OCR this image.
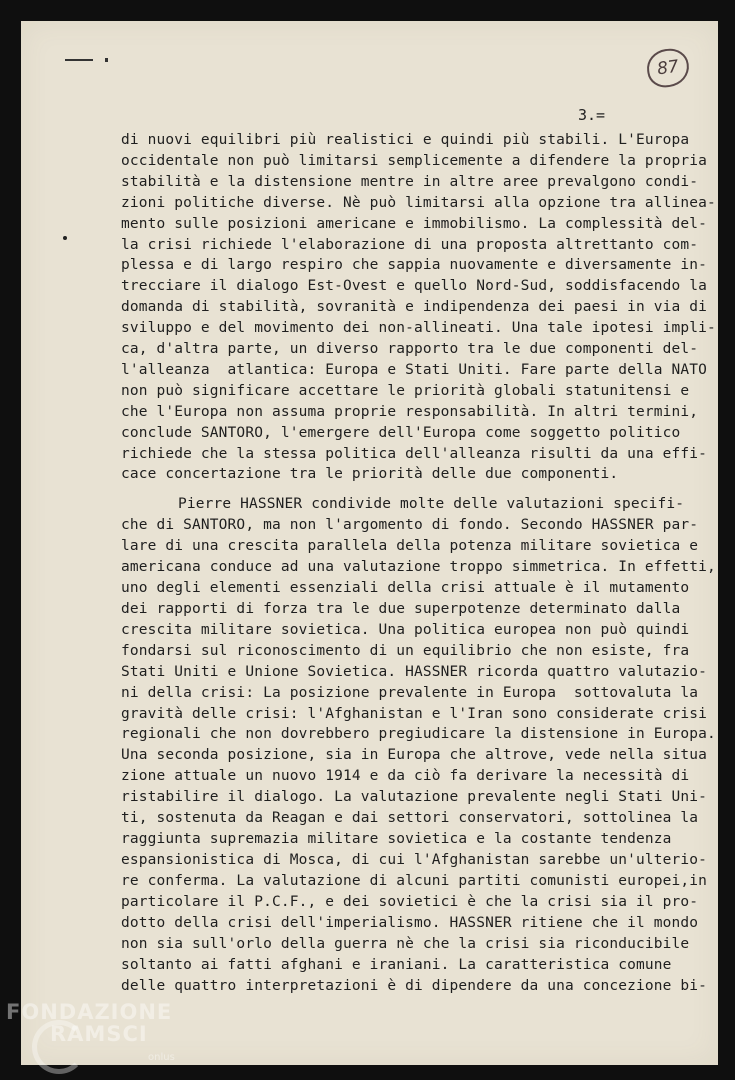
87
3.=
di nuovi equilibri più realistici e quindi più stabili. L'Europa
occidentale non può limitarsi semplicemente a difendere la propria
stabilità e la distensione mentre in altre aree prevalgono condi-
zioni politiche diverse. Nè può limitarsi alla opzione tra allinea-
mento sulle posizioni americane e immobilismo. La complessità del-
la crisi richiede l'elaborazione di una proposta altrettanto com-
plessa e di largo respiro che sappia nuovamente e diversamente in-
trecciare il dialogo Est-Ovest e quello Nord-Sud, soddisfacendo la
domanda di stabilità, sovranità e indipendenza dei paesi in via di
sviluppo e del movimento dei non-allineati. Una tale ipotesi impli-
ca, d'altra parte, un diverso rapporto tra le due componenti del-
l'alleanza  atlantica: Europa e Stati Uniti. Fare parte della NATO
non può significare accettare le priorità globali statunitensi e
che l'Europa non assuma proprie responsabilità. In altri termini,
conclude SANTORO, l'emergere dell'Europa come soggetto politico
richiede che la stessa politica dell'alleanza risulti da una effi-
cace concertazione tra le priorità delle due componenti.
Pierre HASSNER condivide molte delle valutazioni specifi-
che di SANTORO, ma non l'argomento di fondo. Secondo HASSNER par-
lare di una crescita parallela della potenza militare sovietica e
americana conduce ad una valutazione troppo simmetrica. In effetti,
uno degli elementi essenziali della crisi attuale è il mutamento
dei rapporti di forza tra le due superpotenze determinato dalla
crescita militare sovietica. Una politica europea non può quindi
fondarsi sul riconoscimento di un equilibrio che non esiste, fra
Stati Uniti e Unione Sovietica. HASSNER ricorda quattro valutazio-
ni della crisi: La posizione prevalente in Europa  sottovaluta la
gravità delle crisi: l'Afghanistan e l'Iran sono considerate crisi
regionali che non dovrebbero pregiudicare la distensione in Europa.
Una seconda posizione, sia in Europa che altrove, vede nella situa
zione attuale un nuovo 1914 e da ciò fa derivare la necessità di
ristabilire il dialogo. La valutazione prevalente negli Stati Uni-
ti, sostenuta da Reagan e dai settori conservatori, sottolinea la
raggiunta supremazia militare sovietica e la costante tendenza
espansionistica di Mosca, di cui l'Afghanistan sarebbe un'ulterio-
re conferma. La valutazione di alcuni partiti comunisti europei,in
particolare il P.C.F., e dei sovietici è che la crisi sia il pro-
dotto della crisi dell'imperialismo. HASSNER ritiene che il mondo
non sia sull'orlo della guerra nè che la crisi sia riconducibile
soltanto ai fatti afghani e iraniani. La caratteristica comune
delle quattro interpretazioni è di dipendere da una concezione bi-
FONDAZIONE
RAMSCI
onlus
